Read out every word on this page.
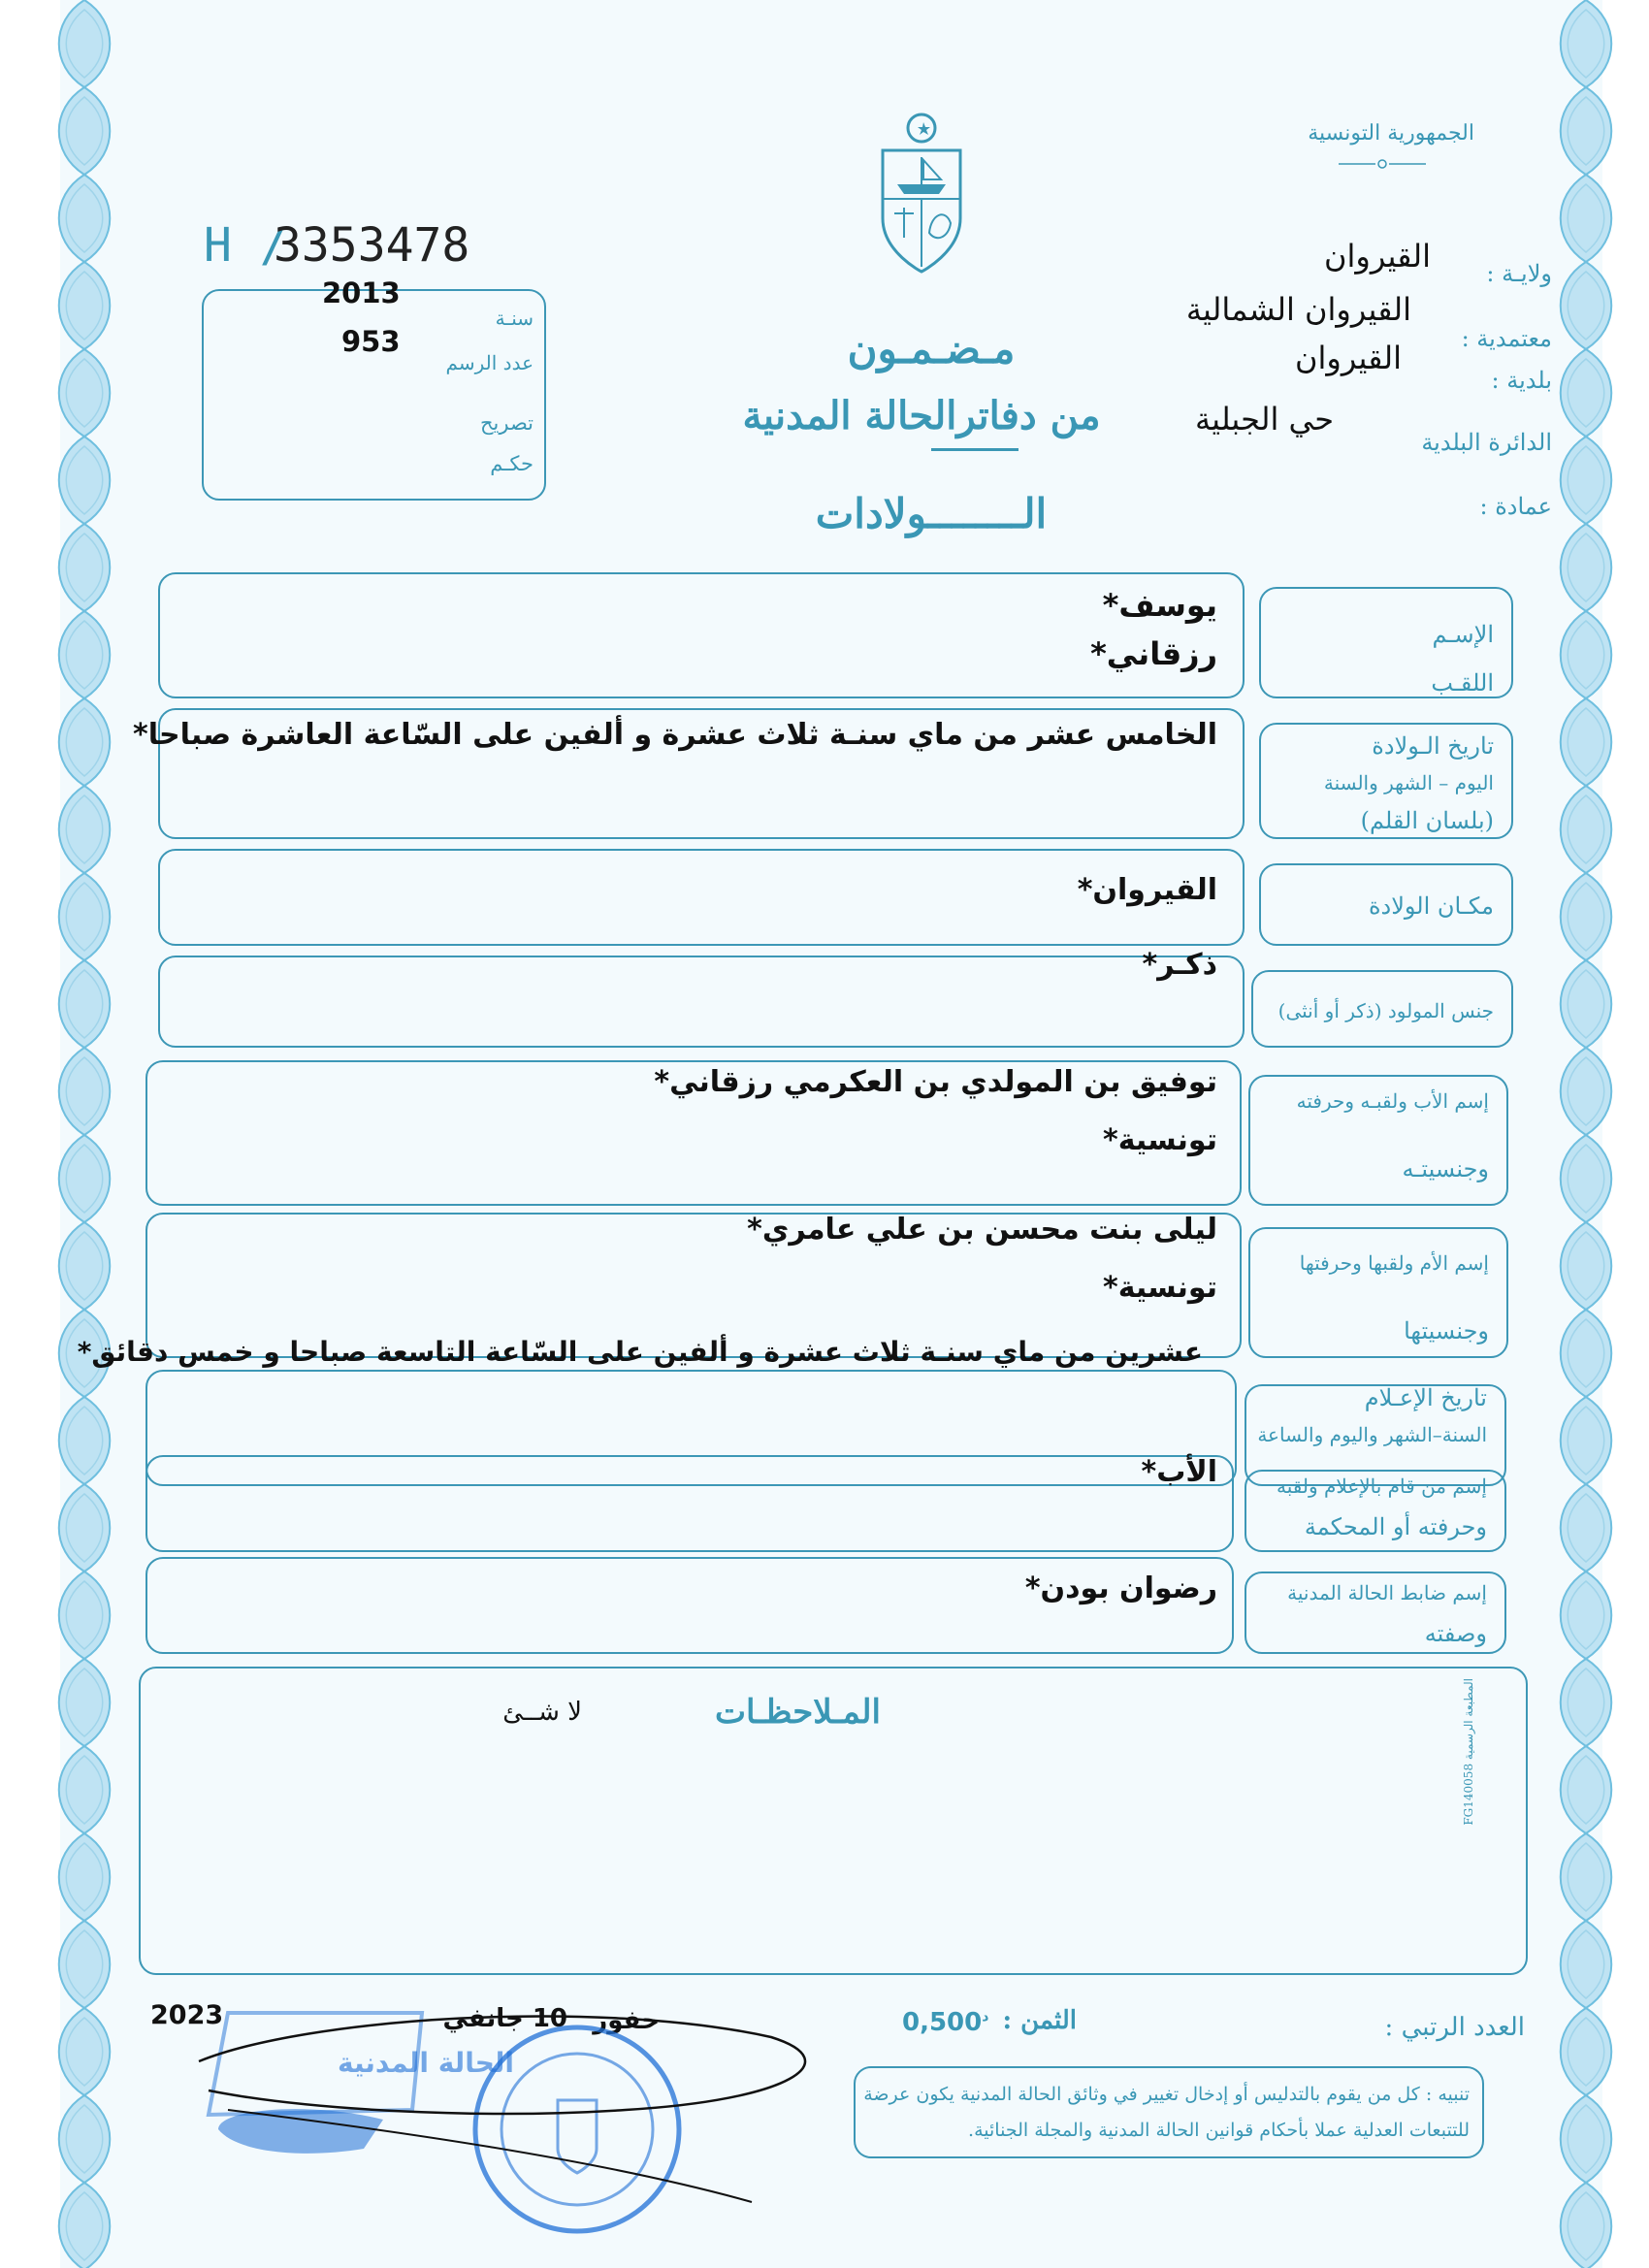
الجمهورية التونسية
H /
3353478
مـضـمـون
من دفاترالحالة المدنية
الــــــــولادات
ولايـة :
القيروان
معتمدية :
القيروان الشمالية
بلدية :
القيروان
الدائرة البلدية
حي الجبلية
عمادة :
2013
953
سنـة
عدد الرسم
تصريح
حكـم
الإسـم
اللقـب
يوسف*
رزقاني*
تاريخ الـولادة
اليوم – الشهر والسنة
(بلسان القلم)
الخامس عشر من ماي سنـة ثلاث عشرة و ألفين على السّاعة العاشرة صباحا*
مكـان الولادة
القيروان*
جنس المولود (ذكر أو أنثى)
ذكـر*
إسم الأب ولقبـه وحرفته
وجنسيتـه
توفيق بن المولدي بن العكرمي رزقاني*
تونسية*
إسم الأم ولقبها وحرفتها
وجنسيتها
ليلى بنت محسن بن علي عامري*
تونسية*
تاريخ الإعـلام
السنة–الشهر واليوم والساعة
عشرين من ماي سنـة ثلاث عشرة و ألفين على السّاعة التاسعة صباحا و خمس دقائق*
إسم من قام بالإعلام ولقبه
وحرفته أو المحكمة
الأب*
إسم ضابط الحالة المدنية
وصفته
رضوان بودن*
المـلاحظـات
لا شــئ
العدد الرتبي :
الثمن :
$0,500^د$
حفوز
10 جانفي
2023
تنبيه : كل من يقوم بالتدليس أو إدخال تغيير في وثائق الحالة المدنية يكون عرضة
للتتبعات العدلية عملا بأحكام قوانين الحالة المدنية والمجلة الجنائية.
المطبعة الرسمية FG140058
الحالة المدنية
